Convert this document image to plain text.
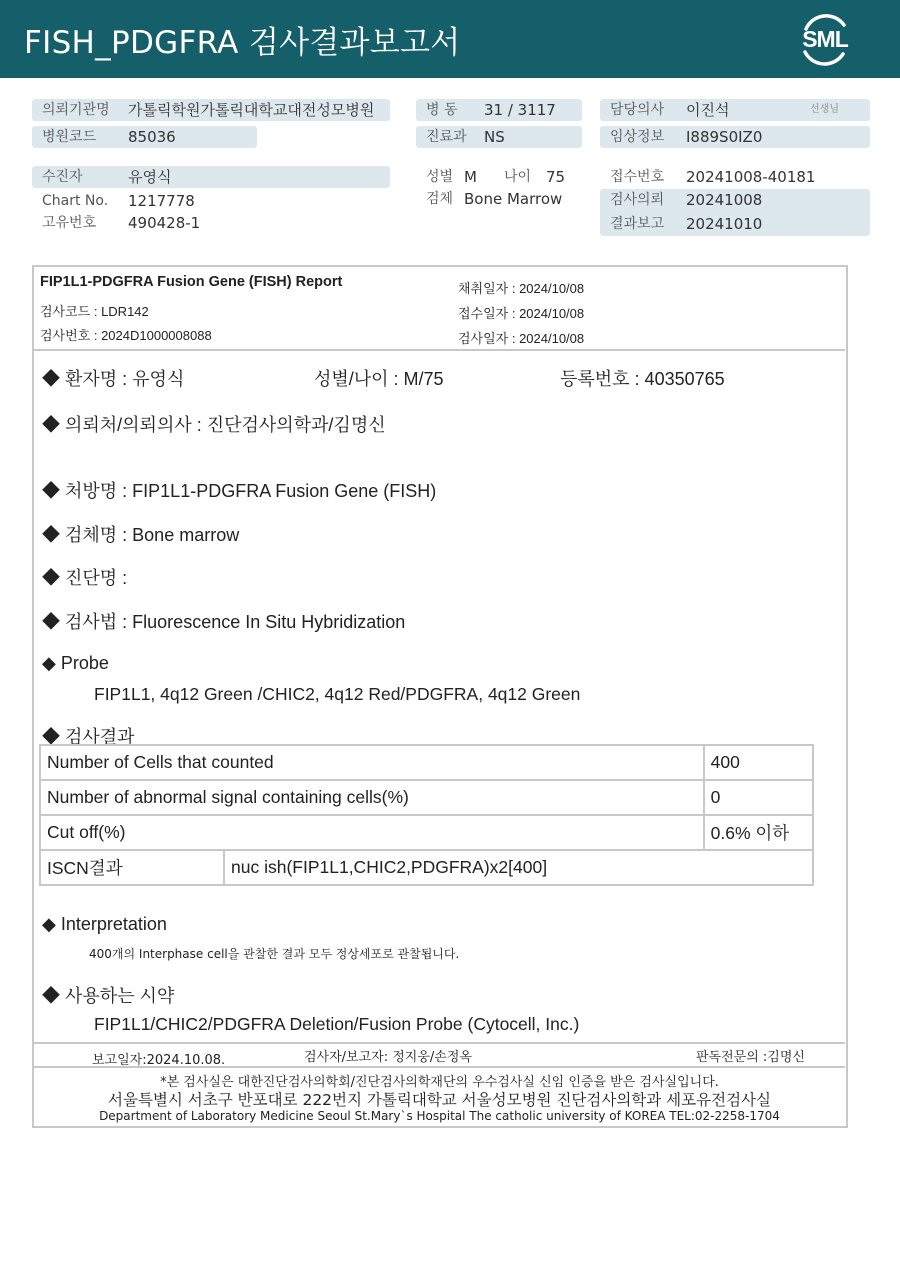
FISH_PDGFRA 검사결과보고서	SML
의뢰기관명 가톨릭학원가톨릭대학교대전성모병원
병원코드 85036
수진자	유영식
Chart No. 1217778
고유번호 490428-1
병 동 31 / 3117
진료과 NS
성별 M 나이 75
검체 Bone Marrow
담당의사 이진석	선생님
임상정보 I889S0IZ0
접수번호 20241008-40181
검사의뢰 20241008
결과보고 20241010
FIP1L1-PDGFRA Fusion Gene (FISH) Report
검사코드 : LDR142
검사번호 : 2024D1000008088
채취일자 : 2024/10/08
접수일자 : 2024/10/08
검사일자 : 2024/10/08
◆ 환자명 : 유영식	성별/나이 : M/75	등록번호 : 40350765
◆ 의뢰처/의뢰의사 : 진단검사의학과/김명신
◆ 처방명 : FIP1L1-PDGFRA Fusion Gene (FISH)
◆ 검체명 : Bone marrow
◆ 진단명 :
◆ 검사법 : Fluorescence In Situ Hybridization
◆ Probe
FIP1L1, 4q12 Green /CHIC2, 4q12 Red/PDGFRA, 4q12 Green
◆ 검사결과
Number of Cells that counted		400
Number of abnormal signal containing cells(%)		0
Cut off(%)		0.6% 이하
ISCN결과	nuc ish(FIP1L1,CHIC2,PDGFRA)x2[400]	
◆ Interpretation
400개의 Interphase cell을 관찰한 결과 모두 정상세포로 관찰됩니다.
◆ 사용하는 시약
FIP1L1/CHIC2/PDGFRA Deletion/Fusion Probe (Cytocell, Inc.)
보고일자:2024.10.08.	검사자/보고자: 정지웅/손정옥	판독전문의 :김명신
*본 검사실은 대한진단검사의학회/진단검사의학재단의 우수검사실 신임 인증을 받은 검사실입니다.
서울특별시 서초구 반포대로 222번지 가톨릭대학교 서울성모병원 진단검사의학과 세포유전검사실
Department of Laboratory Medicine Seoul St.Mary`s Hospital The catholic university of KOREA TEL:02-2258-1704
